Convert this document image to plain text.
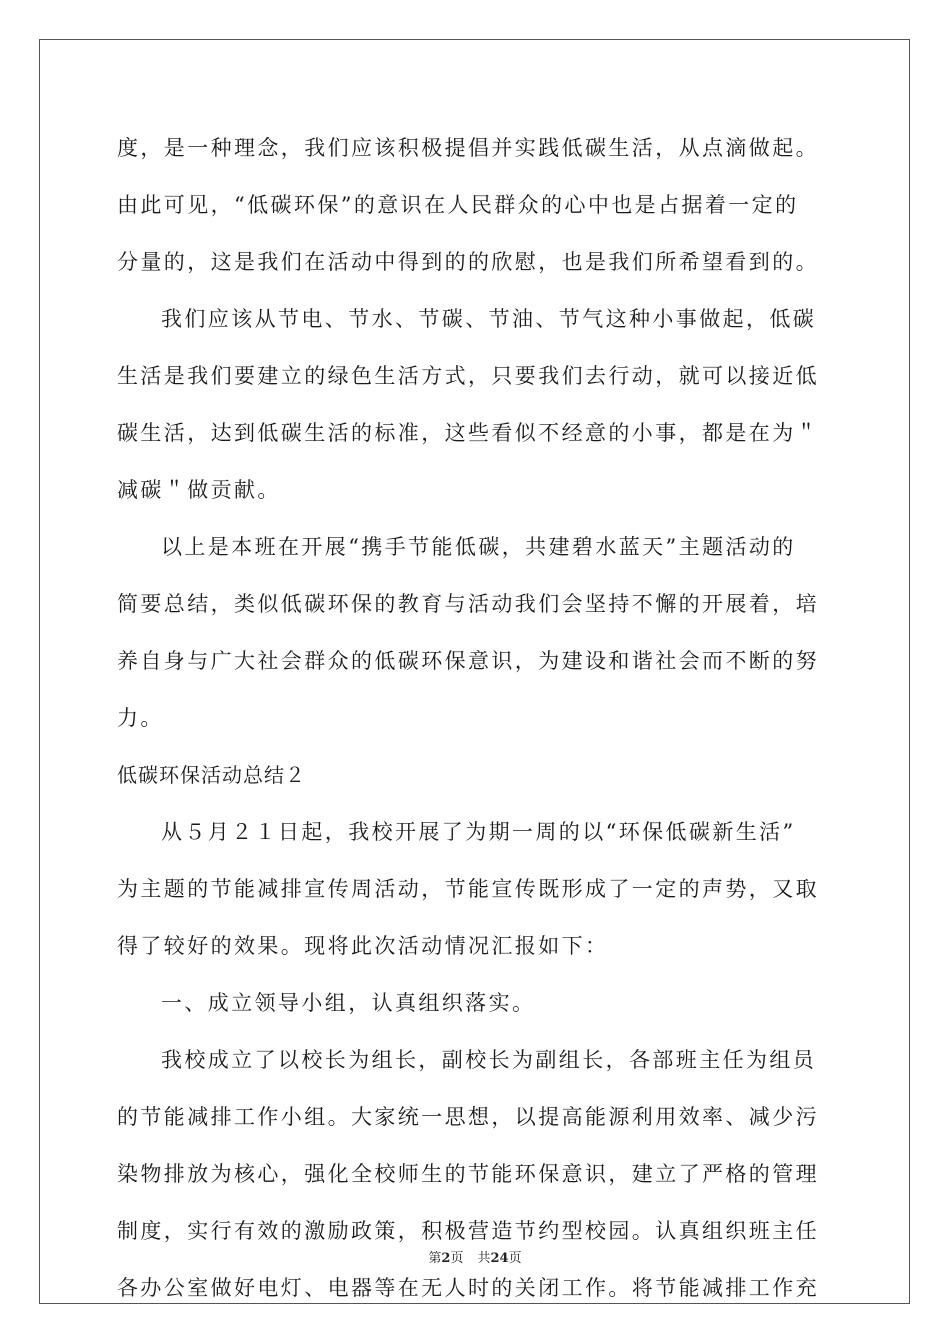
度，是一种理念，我们应该积极提倡并实践低碳生活，从点滴做起。
由此可见，“低碳环保”的意识在人民群众的心中也是占据着一定的
分量的，这是我们在活动中得到的的欣慰，也是我们所希望看到的。
我们应该从节电、节水、节碳、节油、节气这种小事做起，低碳
生活是我们要建立的绿色生活方式，只要我们去行动，就可以接近低
碳生活，达到低碳生活的标准，这些看似不经意的小事，都是在为＂
减碳＂做贡献。
以上是本班在开展“携手节能低碳，共建碧水蓝天”主题活动的
简要总结，类似低碳环保的教育与活动我们会坚持不懈的开展着，培
养自身与广大社会群众的低碳环保意识，为建设和谐社会而不断的努
力。
低碳环保活动总结２
从５月２１日起，我校开展了为期一周的以“环保低碳新生活”
为主题的节能减排宣传周活动，节能宣传既形成了一定的声势，又取
得了较好的效果。现将此次活动情况汇报如下：
一、成立领导小组，认真组织落实。
我校成立了以校长为组长，副校长为副组长，各部班主任为组员
的节能减排工作小组。大家统一思想，以提高能源利用效率、减少污
染物排放为核心，强化全校师生的节能环保意识，建立了严格的管理
制度，实行有效的激励政策，积极营造节约型校园。认真组织班主任
各办公室做好电灯、电器等在无人时的关闭工作。将节能减排工作充
第2页 共24页
